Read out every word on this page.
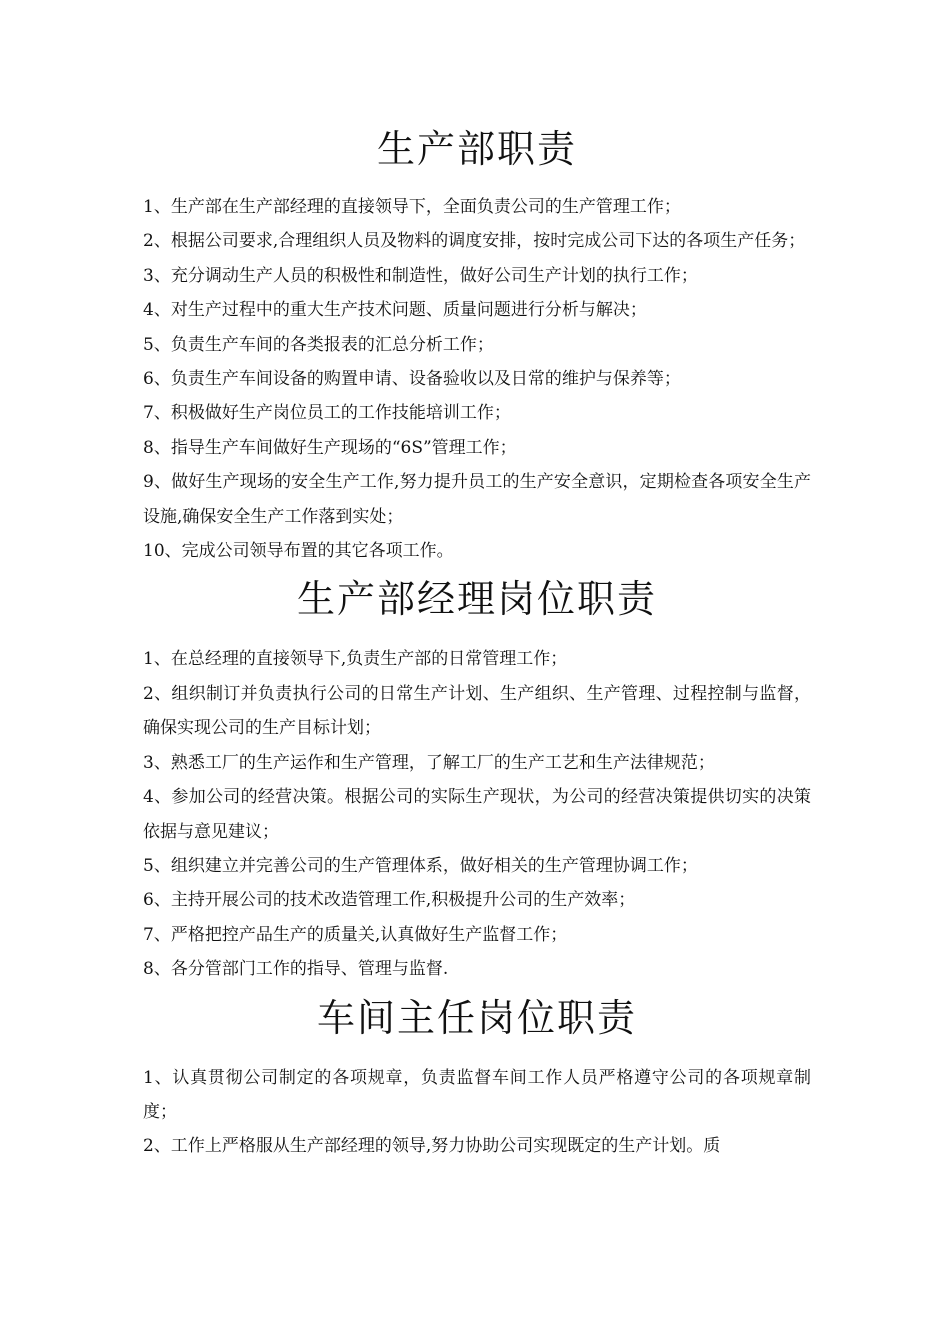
生产部职责

1、生产部在生产部经理的直接领导下，全面负责公司的生产管理工作；

2、根据公司要求,合理组织人员及物料的调度安排，按时完成公司下达的各项生产任务；

3、充分调动生产人员的积极性和制造性，做好公司生产计划的执行工作；

4、对生产过程中的重大生产技术问题、质量问题进行分析与解决；

5、负责生产车间的各类报表的汇总分析工作；

6、负责生产车间设备的购置申请、设备验收以及日常的维护与保养等；

7、积极做好生产岗位员工的工作技能培训工作；

8、指导生产车间做好生产现场的“6S”管理工作；

9、做好生产现场的安全生产工作,努力提升员工的生产安全意识，定期检查各项安全生产设施,确保安全生产工作落到实处；

10、完成公司领导布置的其它各项工作。

生产部经理岗位职责

1、在总经理的直接领导下,负责生产部的日常管理工作；

2、组织制订并负责执行公司的日常生产计划、生产组织、生产管理、过程控制与监督，确保实现公司的生产目标计划；

3、熟悉工厂的生产运作和生产管理，了解工厂的生产工艺和生产法律规范；

4、参加公司的经营决策。根据公司的实际生产现状，为公司的经营决策提供切实的决策依据与意见建议；

5、组织建立并完善公司的生产管理体系，做好相关的生产管理协调工作；

6、主持开展公司的技术改造管理工作,积极提升公司的生产效率；

7、严格把控产品生产的质量关,认真做好生产监督工作；

8、各分管部门工作的指导、管理与监督.

车间主任岗位职责

1、认真贯彻公司制定的各项规章，负责监督车间工作人员严格遵守公司的各项规章制度；

2、工作上严格服从生产部经理的领导,努力协助公司实现既定的生产计划。质
